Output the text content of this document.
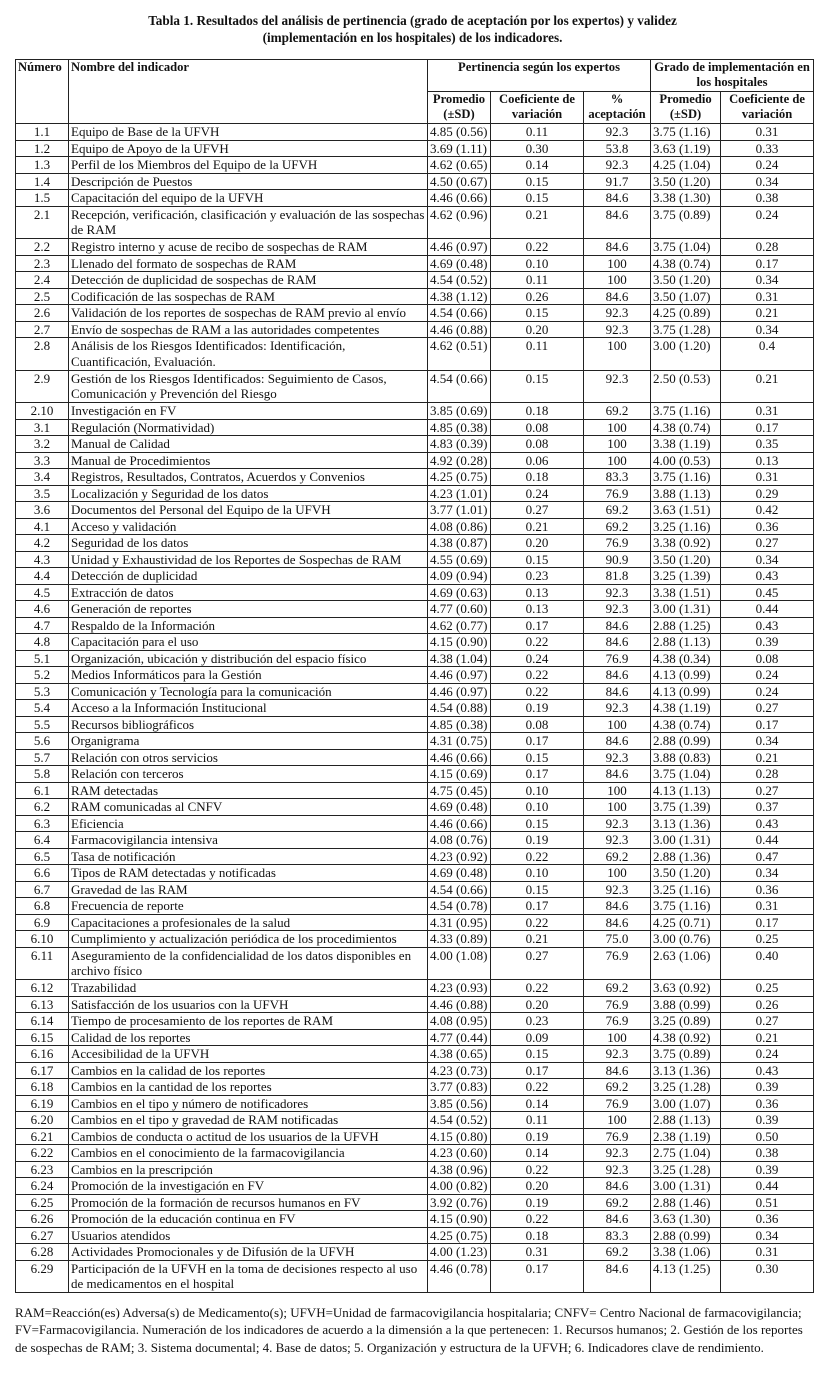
Tabla 1. Resultados del análisis de pertinencia (grado de aceptación por los expertos) y validez
(implementación en los hospitales) de los indicadores.
Número	Nombre del indicador	Pertinencia según los expertos			Grado de implementación en los hospitales	
		Promedio (±SD)	Coeficiente de variación	% aceptación	Promedio (±SD)	Coeficiente de variación
1.1	Equipo de Base de la UFVH	4.85 (0.56)	0.11	92.3	3.75 (1.16)	0.31
1.2	Equipo de Apoyo de la UFVH	3.69 (1.11)	0.30	53.8	3.63 (1.19)	0.33
1.3	Perfil de los Miembros del Equipo de la UFVH	4.62 (0.65)	0.14	92.3	4.25 (1.04)	0.24
1.4	Descripción de Puestos	4.50 (0.67)	0.15	91.7	3.50 (1.20)	0.34
1.5	Capacitación del equipo de la UFVH	4.46 (0.66)	0.15	84.6	3.38 (1.30)	0.38
2.1	Recepción, verificación, clasificación y evaluación de las sospechas de RAM	4.62 (0.96)	0.21	84.6	3.75 (0.89)	0.24
2.2	Registro interno y acuse de recibo de sospechas de RAM	4.46 (0.97)	0.22	84.6	3.75 (1.04)	0.28
2.3	Llenado del formato de sospechas de RAM	4.69 (0.48)	0.10	100	4.38 (0.74)	0.17
2.4	Detección de duplicidad de sospechas de RAM	4.54 (0.52)	0.11	100	3.50 (1.20)	0.34
2.5	Codificación de las sospechas de RAM	4.38 (1.12)	0.26	84.6	3.50 (1.07)	0.31
2.6	Validación de los reportes de sospechas de RAM previo al envío	4.54 (0.66)	0.15	92.3	4.25 (0.89)	0.21
2.7	Envío de sospechas de RAM a las autoridades competentes	4.46 (0.88)	0.20	92.3	3.75 (1.28)	0.34
2.8	Análisis de los Riesgos Identificados: Identificación, Cuantificación, Evaluación.	4.62 (0.51)	0.11	100	3.00 (1.20)	0.4
2.9	Gestión de los Riesgos Identificados: Seguimiento de Casos, Comunicación y Prevención del Riesgo	4.54 (0.66)	0.15	92.3	2.50 (0.53)	0.21
2.10	Investigación en FV	3.85 (0.69)	0.18	69.2	3.75 (1.16)	0.31
3.1	Regulación (Normatividad)	4.85 (0.38)	0.08	100	4.38 (0.74)	0.17
3.2	Manual de Calidad	4.83 (0.39)	0.08	100	3.38 (1.19)	0.35
3.3	Manual de Procedimientos	4.92 (0.28)	0.06	100	4.00 (0.53)	0.13
3.4	Registros, Resultados, Contratos, Acuerdos y Convenios	4.25 (0.75)	0.18	83.3	3.75 (1.16)	0.31
3.5	Localización y Seguridad de los datos	4.23 (1.01)	0.24	76.9	3.88 (1.13)	0.29
3.6	Documentos del Personal del Equipo de la UFVH	3.77 (1.01)	0.27	69.2	3.63 (1.51)	0.42
4.1	Acceso y validación	4.08 (0.86)	0.21	69.2	3.25 (1.16)	0.36
4.2	Seguridad de los datos	4.38 (0.87)	0.20	76.9	3.38 (0.92)	0.27
4.3	Unidad y Exhaustividad de los Reportes de Sospechas de RAM	4.55 (0.69)	0.15	90.9	3.50 (1.20)	0.34
4.4	Detección de duplicidad	4.09 (0.94)	0.23	81.8	3.25 (1.39)	0.43
4.5	Extracción de datos	4.69 (0.63)	0.13	92.3	3.38 (1.51)	0.45
4.6	Generación de reportes	4.77 (0.60)	0.13	92.3	3.00 (1.31)	0.44
4.7	Respaldo de la Información	4.62 (0.77)	0.17	84.6	2.88 (1.25)	0.43
4.8	Capacitación para el uso	4.15 (0.90)	0.22	84.6	2.88 (1.13)	0.39
5.1	Organización, ubicación y distribución del espacio físico	4.38 (1.04)	0.24	76.9	4.38 (0.34)	0.08
5.2	Medios Informáticos para la Gestión	4.46 (0.97)	0.22	84.6	4.13 (0.99)	0.24
5.3	Comunicación y Tecnología para la comunicación	4.46 (0.97)	0.22	84.6	4.13 (0.99)	0.24
5.4	Acceso a la Información Institucional	4.54 (0.88)	0.19	92.3	4.38 (1.19)	0.27
5.5	Recursos bibliográficos	4.85 (0.38)	0.08	100	4.38 (0.74)	0.17
5.6	Organigrama	4.31 (0.75)	0.17	84.6	2.88 (0.99)	0.34
5.7	Relación con otros servicios	4.46 (0.66)	0.15	92.3	3.88 (0.83)	0.21
5.8	Relación con terceros	4.15 (0.69)	0.17	84.6	3.75 (1.04)	0.28
6.1	RAM detectadas	4.75 (0.45)	0.10	100	4.13 (1.13)	0.27
6.2	RAM comunicadas al CNFV	4.69 (0.48)	0.10	100	3.75 (1.39)	0.37
6.3	Eficiencia	4.46 (0.66)	0.15	92.3	3.13 (1.36)	0.43
6.4	Farmacovigilancia intensiva	4.08 (0.76)	0.19	92.3	3.00 (1.31)	0.44
6.5	Tasa de notificación	4.23 (0.92)	0.22	69.2	2.88 (1.36)	0.47
6.6	Tipos de RAM detectadas y notificadas	4.69 (0.48)	0.10	100	3.50 (1.20)	0.34
6.7	Gravedad de las RAM	4.54 (0.66)	0.15	92.3	3.25 (1.16)	0.36
6.8	Frecuencia de reporte	4.54 (0.78)	0.17	84.6	3.75 (1.16)	0.31
6.9	Capacitaciones a profesionales de la salud	4.31 (0.95)	0.22	84.6	4.25 (0.71)	0.17
6.10	Cumplimiento y actualización periódica de los procedimientos	4.33 (0.89)	0.21	75.0	3.00 (0.76)	0.25
6.11	Aseguramiento de la confidencialidad de los datos disponibles en archivo físico	4.00 (1.08)	0.27	76.9	2.63 (1.06)	0.40
6.12	Trazabilidad	4.23 (0.93)	0.22	69.2	3.63 (0.92)	0.25
6.13	Satisfacción de los usuarios con la UFVH	4.46 (0.88)	0.20	76.9	3.88 (0.99)	0.26
6.14	Tiempo de procesamiento de los reportes de RAM	4.08 (0.95)	0.23	76.9	3.25 (0.89)	0.27
6.15	Calidad de los reportes	4.77 (0.44)	0.09	100	4.38 (0.92)	0.21
6.16	Accesibilidad de la UFVH	4.38 (0.65)	0.15	92.3	3.75 (0.89)	0.24
6.17	Cambios en la calidad de los reportes	4.23 (0.73)	0.17	84.6	3.13 (1.36)	0.43
6.18	Cambios en la cantidad de los reportes	3.77 (0.83)	0.22	69.2	3.25 (1.28)	0.39
6.19	Cambios en el tipo y número de notificadores	3.85 (0.56)	0.14	76.9	3.00 (1.07)	0.36
6.20	Cambios en el tipo y gravedad de RAM notificadas	4.54 (0.52)	0.11	100	2.88 (1.13)	0.39
6.21	Cambios de conducta o actitud de los usuarios de la UFVH	4.15 (0.80)	0.19	76.9	2.38 (1.19)	0.50
6.22	Cambios en el conocimiento de la farmacovigilancia	4.23 (0.60)	0.14	92.3	2.75 (1.04)	0.38
6.23	Cambios en la prescripción	4.38 (0.96)	0.22	92.3	3.25 (1.28)	0.39
6.24	Promoción de la investigación en FV	4.00 (0.82)	0.20	84.6	3.00 (1.31)	0.44
6.25	Promoción de la formación de recursos humanos en FV	3.92 (0.76)	0.19	69.2	2.88 (1.46)	0.51
6.26	Promoción de la educación continua en FV	4.15 (0.90)	0.22	84.6	3.63 (1.30)	0.36
6.27	Usuarios atendidos	4.25 (0.75)	0.18	83.3	2.88 (0.99)	0.34
6.28	Actividades Promocionales y de Difusión de la UFVH	4.00 (1.23)	0.31	69.2	3.38 (1.06)	0.31
6.29	Participación de la UFVH en la toma de decisiones respecto al uso de medicamentos en el hospital	4.46 (0.78)	0.17	84.6	4.13 (1.25)	0.30
RAM=Reacción(es) Adversa(s) de Medicamento(s); UFVH=Unidad de farmacovigilancia hospitalaria; CNFV= Centro Nacional de farmacovigilancia; FV=Farmacovigilancia. Numeración de los indicadores de acuerdo a la dimensión a la que pertenecen: 1. Recursos humanos; 2. Gestión de los reportes de sospechas de RAM; 3. Sistema documental; 4. Base de datos; 5. Organización y estructura de la UFVH; 6. Indicadores clave de rendimiento.
